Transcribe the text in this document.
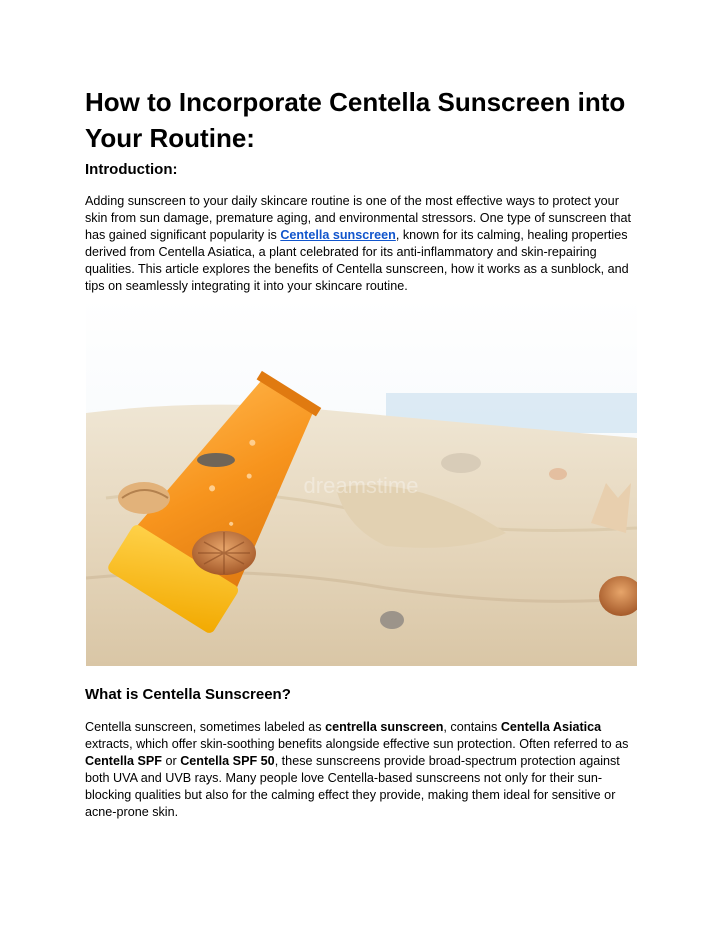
How to Incorporate Centella Sunscreen into Your Routine:
Introduction:

Adding sunscreen to your daily skincare routine is one of the most effective ways to protect your skin from sun damage, premature aging, and environmental stressors. One type of sunscreen that has gained significant popularity is Centella sunscreen, known for its calming, healing properties derived from Centella Asiatica, a plant celebrated for its anti-inflammatory and skin-repairing qualities. This article explores the benefits of Centella sunscreen, how it works as a sunblock, and tips on seamlessly integrating it into your skincare routine.

dreamstime
What is Centella Sunscreen?

Centella sunscreen, sometimes labeled as centrella sunscreen, contains Centella Asiatica extracts, which offer skin-soothing benefits alongside effective sun protection. Often referred to as Centella SPF or Centella SPF 50, these sunscreens provide broad-spectrum protection against both UVA and UVB rays. Many people love Centella-based sunscreens not only for their sun-blocking qualities but also for the calming effect they provide, making them ideal for sensitive or acne-prone skin.
